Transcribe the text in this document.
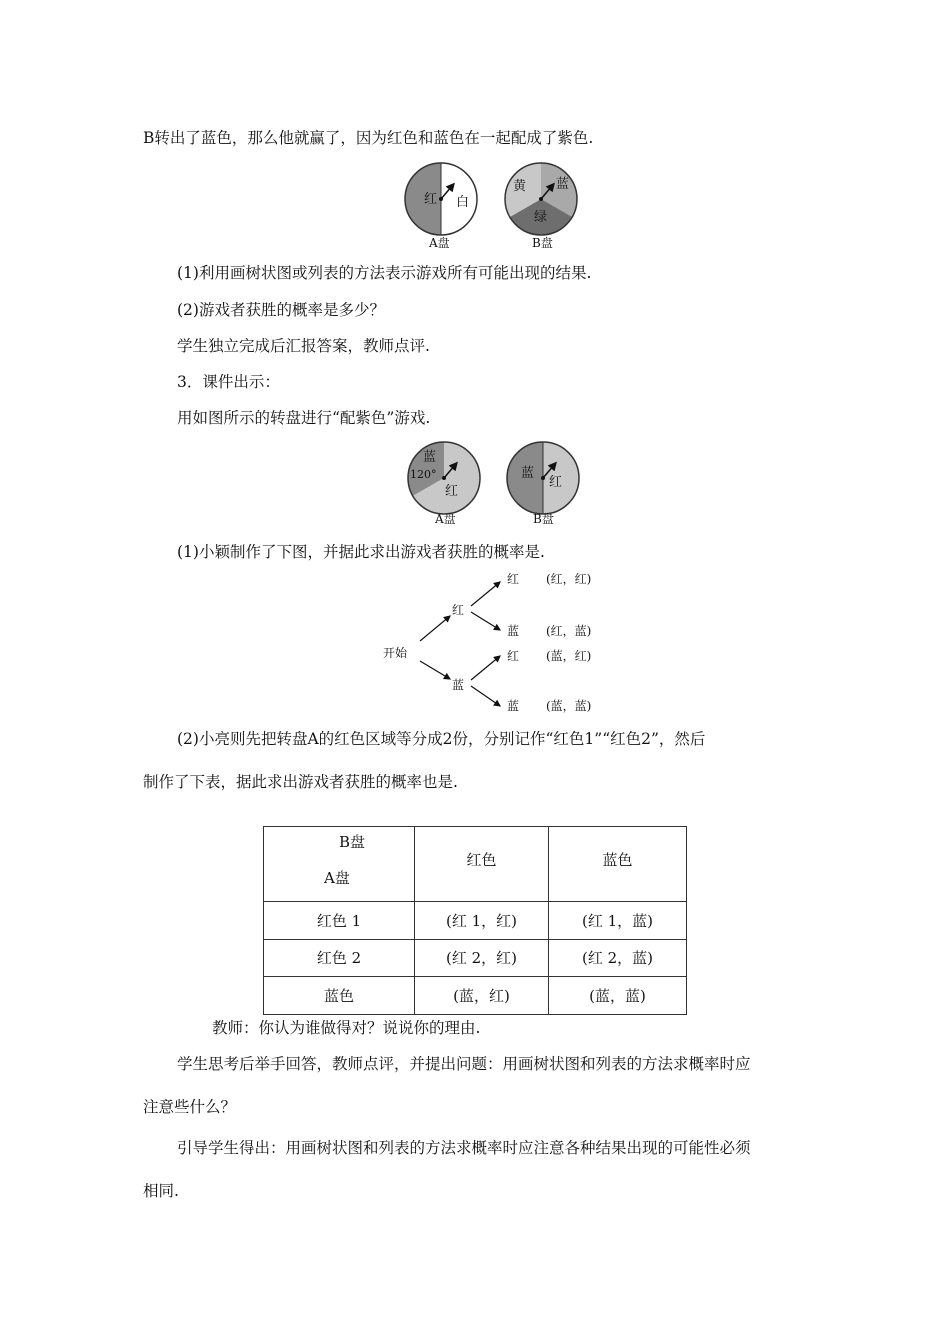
B转出了蓝色，那么他就赢了，因为红色和蓝色在一起配成了紫色.
红 白
A盘
黄 蓝
绿
B盘
(1)利用画树状图或列表的方法表示游戏所有可能出现的结果.
(2)游戏者获胜的概率是多少？
学生独立完成后汇报答案，教师点评.
3．课件出示：
用如图所示的转盘进行“配紫色”游戏.
蓝
120°
红
A盘
蓝
红
B盘
(1)小颖制作了下图，并据此求出游戏者获胜的概率是.
开始
红
蓝
红
蓝
红
蓝
(红，红)
(红，蓝)
(蓝，红)
(蓝，蓝)
(2)小亮则先把转盘A的红色区域等分成2份，分别记作“红色1”“红色2”，然后
制作了下表，据此求出游戏者获胜的概率也是.
B盘
A盘	红色	蓝色
红色 1	(红 1，红)	(红 1，蓝)
红色 2	(红 2，红)	(红 2，蓝)
蓝色	(蓝，红)	(蓝，蓝)
教师：你认为谁做得对？说说你的理由.
学生思考后举手回答，教师点评，并提出问题：用画树状图和列表的方法求概率时应
注意些什么？
引导学生得出：用画树状图和列表的方法求概率时应注意各种结果出现的可能性必须
相同.
